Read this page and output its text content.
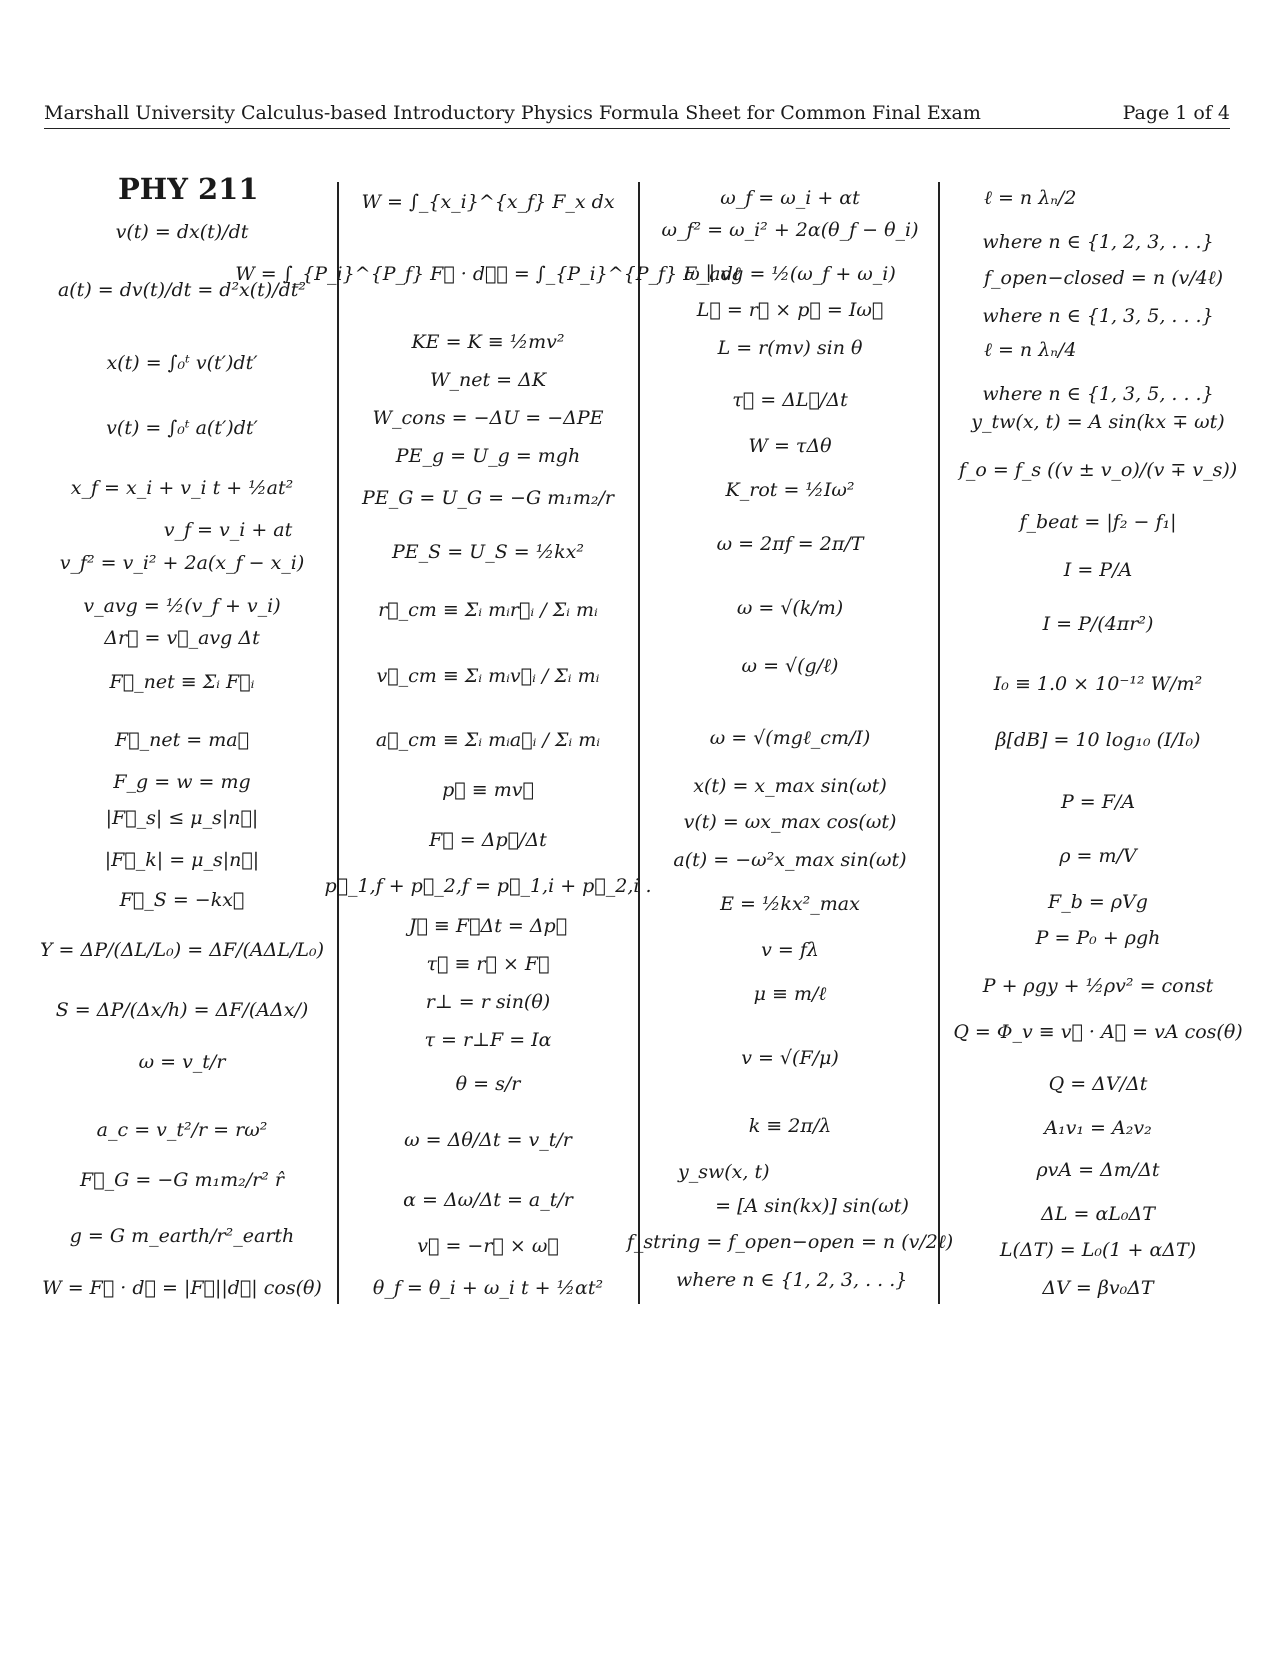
Marshall University Calculus-based Introductory Physics Formula Sheet for Common Final Exam	Page 1 of 4
PHY 211
v(t) = dx(t)/dt
a(t) = dv(t)/dt = d²x(t)/dt²
x(t) = ∫₀ᵗ v(t′)dt′
v(t) = ∫₀ᵗ a(t′)dt′
x_f = x_i + v_i t + ½at²
v_f = v_i + at
v_f² = v_i² + 2a(x_f − x_i)
v_avg = ½(v_f + v_i)
Δr⃗ = v⃗_avg Δt
F⃗_net ≡ Σᵢ F⃗ᵢ
F⃗_net = ma⃗
F_g = w = mg
|F⃗_s| ≤ μ_s|n⃗|
|F⃗_k| = μ_s|n⃗|
F⃗_S = −kx⃗
Y = ΔP/(ΔL/L₀) = ΔF/(AΔL/L₀)
S = ΔP/(Δx/h) = ΔF/(AΔx/)
ω = v_t/r
a_c = v_t²/r = rω²
F⃗_G = −G m₁m₂/r² r̂
g = G m_earth/r²_earth
W = F⃗ · d⃗ = |F⃗||d⃗| cos(θ)
W = ∫_{x_i}^{x_f} F_x dx
W = ∫_{P_i}^{P_f} F⃗ · dℓ⃗ = ∫_{P_i}^{P_f} F_∥ dℓ
KE = K ≡ ½mv²
W_net = ΔK
W_cons = −ΔU = −ΔPE
PE_g = U_g = mgh
PE_G = U_G = −G m₁m₂/r
PE_S = U_S = ½kx²
r⃗_cm ≡ Σᵢ mᵢr⃗ᵢ / Σᵢ mᵢ
v⃗_cm ≡ Σᵢ mᵢv⃗ᵢ / Σᵢ mᵢ
a⃗_cm ≡ Σᵢ mᵢa⃗ᵢ / Σᵢ mᵢ
p⃗ ≡ mv⃗
F⃗ = Δp⃗/Δt
p⃗_1,f + p⃗_2,f = p⃗_1,i + p⃗_2,i .
J⃗ ≡ F⃗Δt = Δp⃗
τ⃗ ≡ r⃗ × F⃗
r⊥ = r sin(θ)
τ = r⊥F = Iα
θ = s/r
ω = Δθ/Δt = v_t/r
α = Δω/Δt = a_t/r
v⃗ = −r⃗ × ω⃗
θ_f = θ_i + ω_i t + ½αt²
ω_f = ω_i + αt
ω_f² = ω_i² + 2α(θ_f − θ_i)
ω_avg = ½(ω_f + ω_i)
L⃗ = r⃗ × p⃗ = Iω⃗
L = r(mv) sin θ
τ⃗ = ΔL⃗/Δt
W = τΔθ
K_rot = ½Iω²
ω = 2πf = 2π/T
ω = √(k/m)
ω = √(g/ℓ)
ω = √(mgℓ_cm/I)
x(t) = x_max sin(ωt)
v(t) = ωx_max cos(ωt)
a(t) = −ω²x_max sin(ωt)
E = ½kx²_max
v = fλ
μ ≡ m/ℓ
v = √(F/μ)
k ≡ 2π/λ
y_sw(x, t)
= [A sin(kx)] sin(ωt)
f_string = f_open−open = n (v/2ℓ)
where n ∈ {1, 2, 3, . . .}
ℓ = n λₙ/2
where n ∈ {1, 2, 3, . . .}
f_open−closed = n (v/4ℓ)
where n ∈ {1, 3, 5, . . .}
ℓ = n λₙ/4
where n ∈ {1, 3, 5, . . .}
y_tw(x, t) = A sin(kx ∓ ωt)
f_o = f_s ((v ± v_o)/(v ∓ v_s))
f_beat = |f₂ − f₁|
I = P/A
I = P/(4πr²)
I₀ ≡ 1.0 × 10⁻¹² W/m²
β[dB] = 10 log₁₀ (I/I₀)
P = F/A
ρ = m/V
F_b = ρVg
P = P₀ + ρgh
P + ρgy + ½ρv² = const
Q = Φ_v ≡ v⃗ · A⃗ = vA cos(θ)
Q = ΔV/Δt
A₁v₁ = A₂v₂
ρvA = Δm/Δt
ΔL = αL₀ΔT
L(ΔT) = L₀(1 + αΔT)
ΔV = βv₀ΔT
